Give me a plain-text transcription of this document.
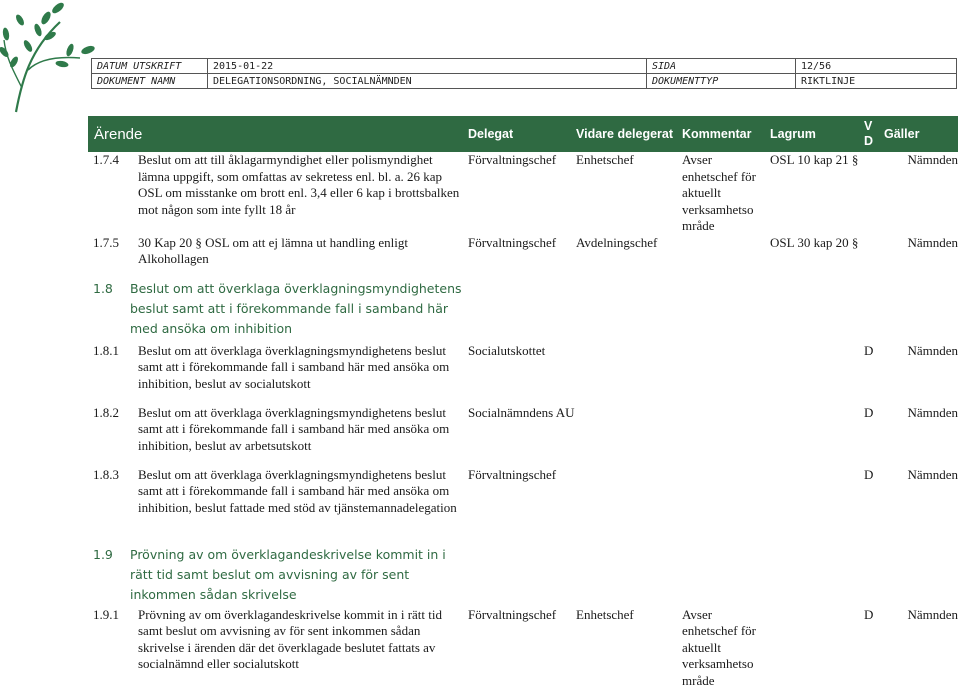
DATUM UTSKRIFT	2015-01-22	SIDA	12/56
DOKUMENT NAMN	DELEGATIONSORDNING, SOCIALNÄMNDEN	DOKUMENTTYP	RIKTLINJE
Ärende	Delegat	Vidare delegerat	Kommentar	Lagrum	V D	Gäller

1.7.4 Beslut om att till åklagarmyndighet eller polismyndighet lämna uppgift, som omfattas av sekretess enl. bl. a. 26 kap OSL om misstanke om brott enl. 3,4 eller 6 kap i brottsbalken mot någon som inte fyllt 18 år	Förvaltningschef	Enhetschef	Avser enhetschef för aktuellt verksamhetso mråde	OSL 10 kap 21 §		Nämnden

1.7.5 30 Kap 20 § OSL om att ej lämna ut handling enligt Alkohollagen	Förvaltningschef	Avdelningschef		OSL 30 kap 20 §		Nämnden

1.8 Beslut om att överklaga överklagningsmyndighetens
beslut samt att i förekommande fall i samband här
med ansöka om inhibition						

1.8.1 Beslut om att överklaga överklagningsmyndighetens beslut samt att i förekommande fall i samband här med ansöka om inhibition, beslut av socialutskott	Socialutskottet				D	Nämnden

1.8.2 Beslut om att överklaga överklagningsmyndighetens beslut samt att i förekommande fall i samband här med ansöka om inhibition, beslut av arbetsutskott	Socialnämndens AU				D	Nämnden

1.8.3 Beslut om att överklaga överklagningsmyndighetens beslut samt att i förekommande fall i samband här med ansöka om inhibition, beslut fattade med stöd av tjänstemannadelegation	Förvaltningschef				D	Nämnden

1.9 Prövning av om överklagandeskrivelse kommit in i
rätt tid samt beslut om avvisning av för sent
inkommen sådan skrivelse						

1.9.1 Prövning av om överklagandeskrivelse kommit in i rätt tid samt beslut om avvisning av för sent inkommen sådan skrivelse i ärenden där det överklagade beslutet fattats av socialnämnd eller socialutskott	Förvaltningschef	Enhetschef	Avser enhetschef för aktuellt verksamhetso mråde		D	Nämnden
